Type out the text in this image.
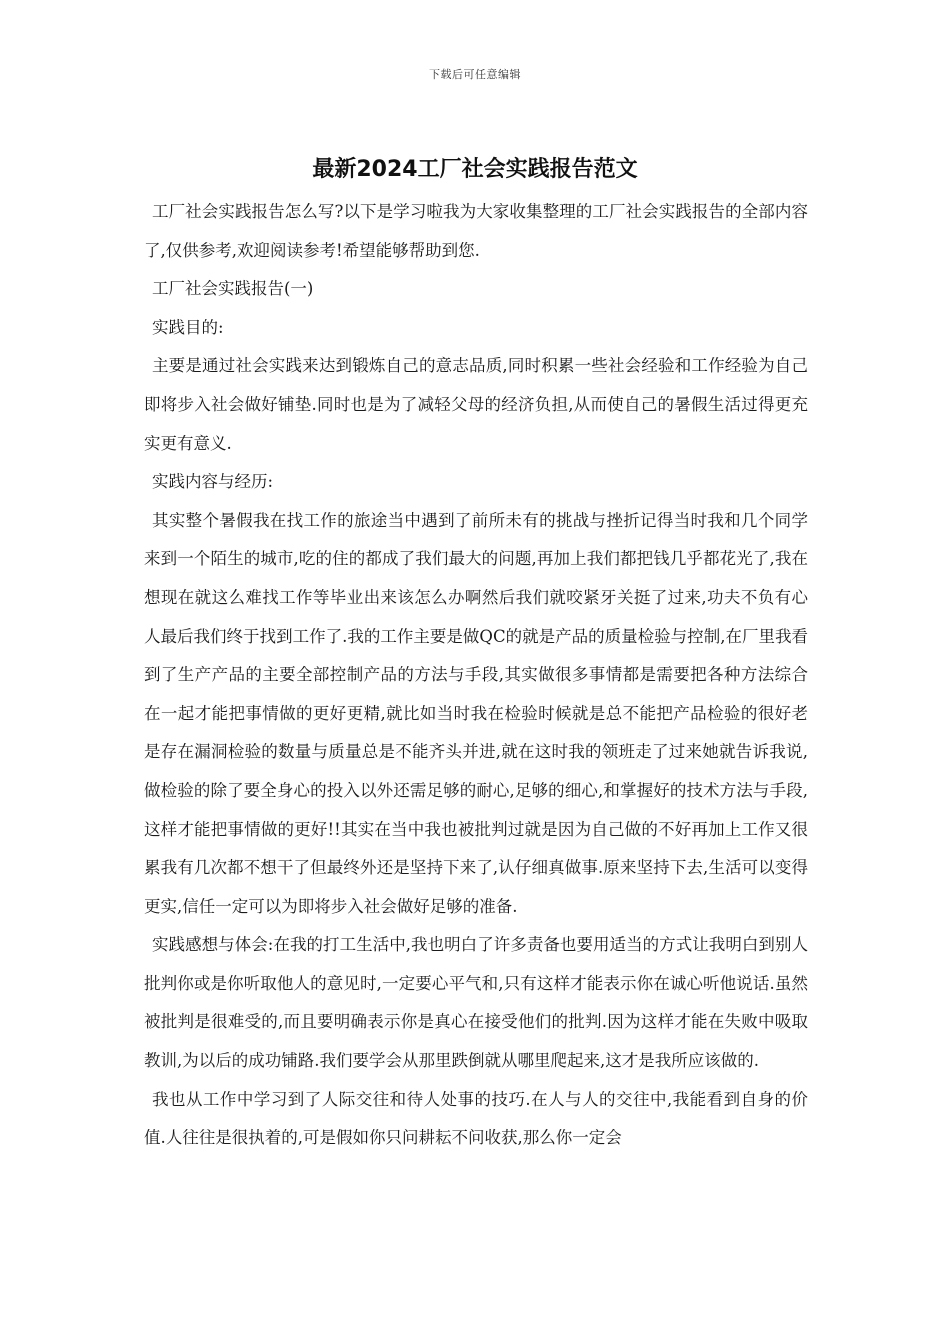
下载后可任意编辑
最新2024工厂社会实践报告范文

工厂社会实践报告怎么写?以下是学习啦我为大家收集整理的工厂社会实践报告的全部内容了,仅供参考,欢迎阅读参考!希望能够帮助到您.

工厂社会实践报告(一)

实践目的:

主要是通过社会实践来达到锻炼自己的意志品质,同时积累一些社会经验和工作经验为自己即将步入社会做好铺垫.同时也是为了减轻父母的经济负担,从而使自己的暑假生活过得更充实更有意义.

实践内容与经历:

其实整个暑假我在找工作的旅途当中遇到了前所未有的挑战与挫折记得当时我和几个同学来到一个陌生的城市,吃的住的都成了我们最大的问题,再加上我们都把钱几乎都花光了,我在想现在就这么难找工作等毕业出来该怎么办啊然后我们就咬紧牙关挺了过来,功夫不负有心人最后我们终于找到工作了.我的工作主要是做QC的就是产品的质量检验与控制,在厂里我看到了生产产品的主要全部控制产品的方法与手段,其实做很多事情都是需要把各种方法综合在一起才能把事情做的更好更精,就比如当时我在检验时候就是总不能把产品检验的很好老是存在漏洞检验的数量与质量总是不能齐头并进,就在这时我的领班走了过来她就告诉我说,做检验的除了要全身心的投入以外还需足够的耐心,足够的细心,和掌握好的技术方法与手段,这样才能把事情做的更好!!其实在当中我也被批判过就是因为自己做的不好再加上工作又很累我有几次都不想干了但最终外还是坚持下来了,认仔细真做事.原来坚持下去,生活可以变得更实,信任一定可以为即将步入社会做好足够的准备.

实践感想与体会:在我的打工生活中,我也明白了许多责备也要用适当的方式让我明白到别人批判你或是你听取他人的意见时,一定要心平气和,只有这样才能表示你在诚心听他说话.虽然被批判是很难受的,而且要明确表示你是真心在接受他们的批判.因为这样才能在失败中吸取教训,为以后的成功铺路.我们要学会从那里跌倒就从哪里爬起来,这才是我所应该做的.

我也从工作中学习到了人际交往和待人处事的技巧.在人与人的交往中,我能看到自身的价值.人往往是很执着的,可是假如你只问耕耘不问收获,那么你一定会
